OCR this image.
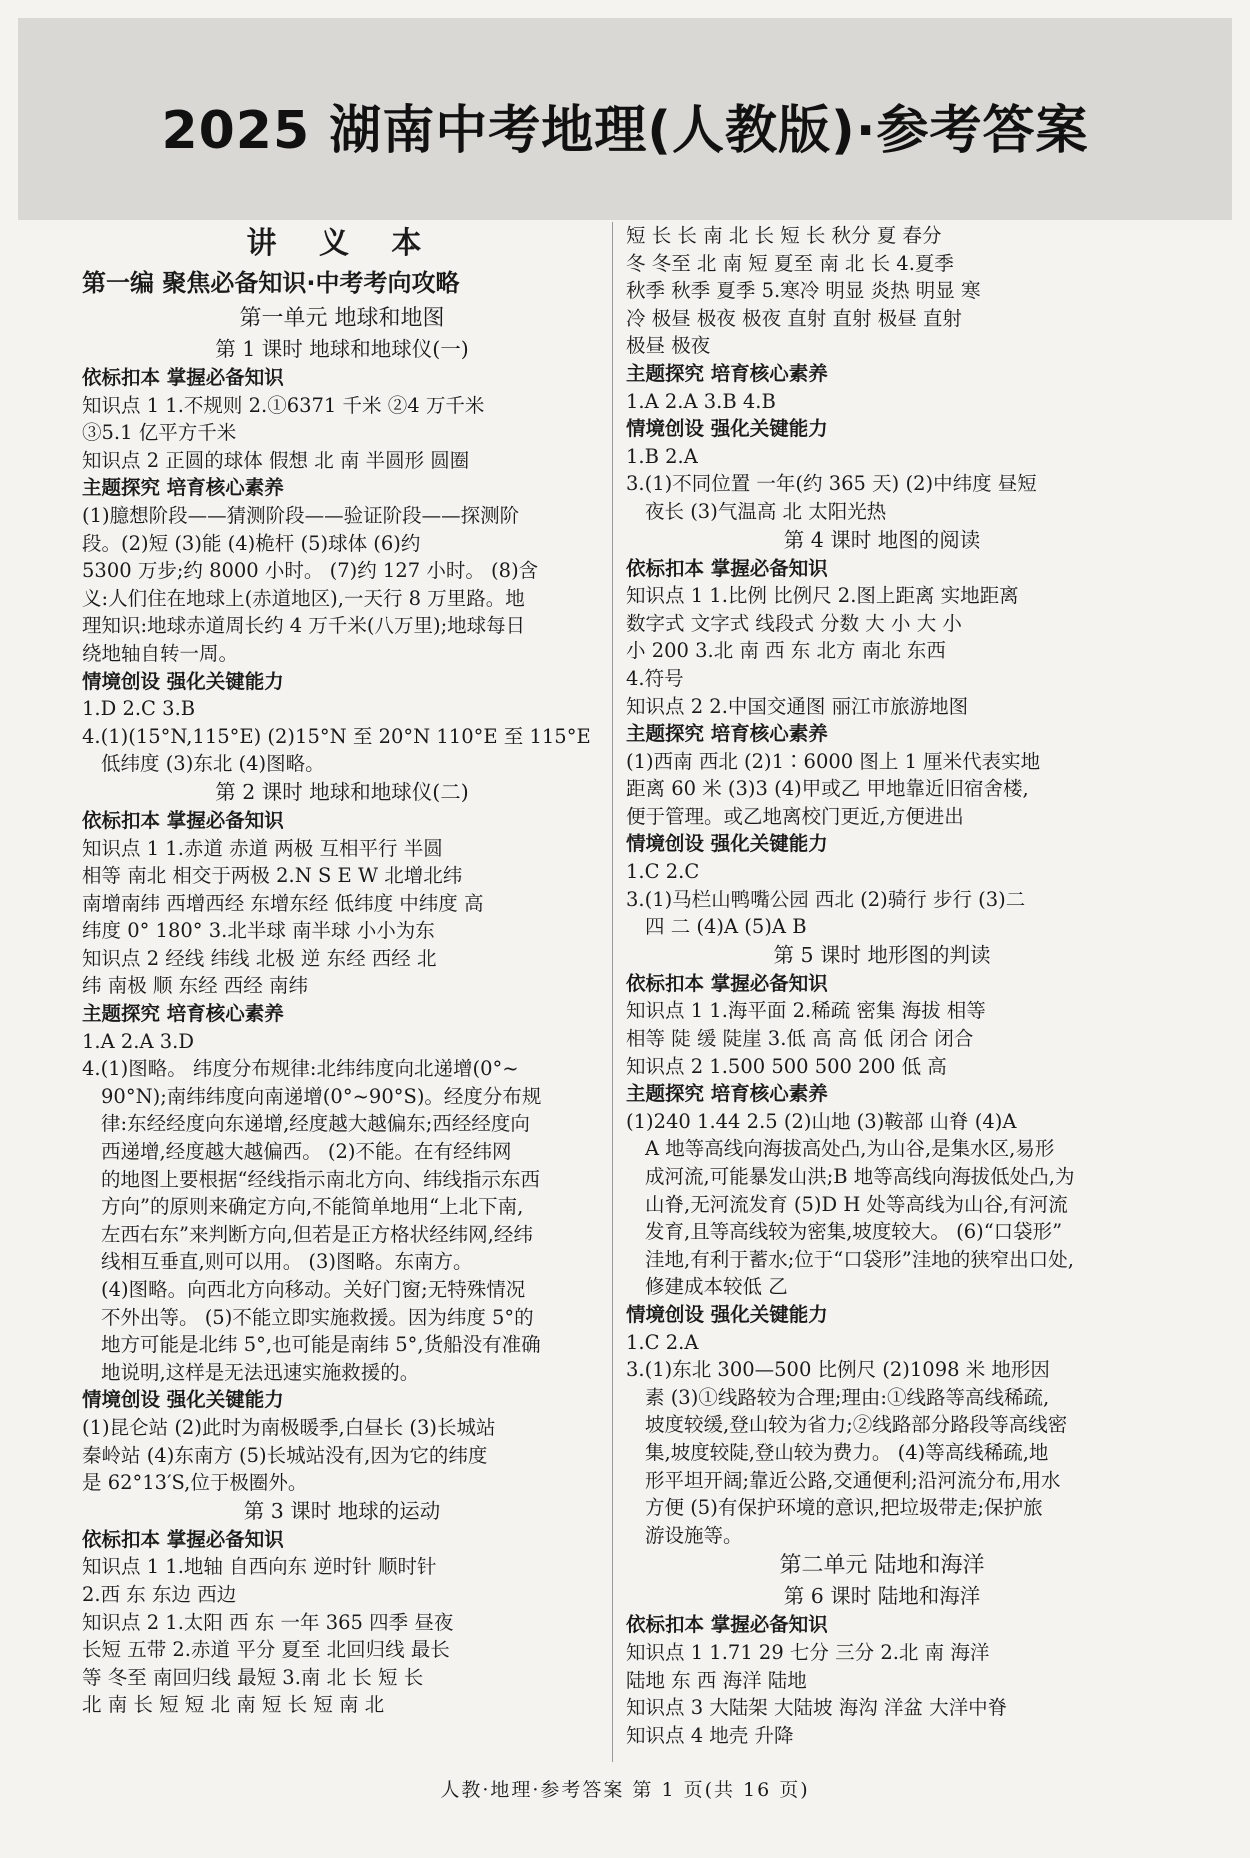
2025 湖南中考地理(人教版)·参考答案
讲 义 本
第一编 聚焦必备知识·中考考向攻略
第一单元 地球和地图
第 1 课时 地球和地球仪(一)
依标扣本 掌握必备知识
知识点 1 1.不规则 2.①6371 千米 ②4 万千米
③5.1 亿平方千米
知识点 2 正圆的球体 假想 北 南 半圆形 圆圈
主题探究 培育核心素养
(1)臆想阶段——猜测阶段——验证阶段——探测阶
段。(2)短 (3)能 (4)桅杆 (5)球体 (6)约
5300 万步;约 8000 小时。 (7)约 127 小时。 (8)含
义:人们住在地球上(赤道地区),一天行 8 万里路。地
理知识:地球赤道周长约 4 万千米(八万里);地球每日
绕地轴自转一周。
情境创设 强化关键能力
1.D 2.C 3.B
4.(1)(15°N,115°E) (2)15°N 至 20°N 110°E 至 115°E
低纬度 (3)东北 (4)图略。
第 2 课时 地球和地球仪(二)
依标扣本 掌握必备知识
知识点 1 1.赤道 赤道 两极 互相平行 半圆
相等 南北 相交于两极 2.N S E W 北增北纬
南增南纬 西增西经 东增东经 低纬度 中纬度 高
纬度 0° 180° 3.北半球 南半球 小小为东
知识点 2 经线 纬线 北极 逆 东经 西经 北
纬 南极 顺 东经 西经 南纬
主题探究 培育核心素养
1.A 2.A 3.D
4.(1)图略。 纬度分布规律:北纬纬度向北递增(0°~
90°N);南纬纬度向南递增(0°~90°S)。经度分布规
律:东经经度向东递增,经度越大越偏东;西经经度向
西递增,经度越大越偏西。 (2)不能。在有经纬网
的地图上要根据“经线指示南北方向、纬线指示东西
方向”的原则来确定方向,不能简单地用“上北下南,
左西右东”来判断方向,但若是正方格状经纬网,经纬
线相互垂直,则可以用。 (3)图略。东南方。
(4)图略。向西北方向移动。关好门窗;无特殊情况
不外出等。 (5)不能立即实施救援。因为纬度 5°的
地方可能是北纬 5°,也可能是南纬 5°,货船没有准确
地说明,这样是无法迅速实施救援的。
情境创设 强化关键能力
(1)昆仑站 (2)此时为南极暖季,白昼长 (3)长城站
秦岭站 (4)东南方 (5)长城站没有,因为它的纬度
是 62°13′S,位于极圈外。
第 3 课时 地球的运动
依标扣本 掌握必备知识
知识点 1 1.地轴 自西向东 逆时针 顺时针
2.西 东 东边 西边
知识点 2 1.太阳 西 东 一年 365 四季 昼夜
长短 五带 2.赤道 平分 夏至 北回归线 最长
等 冬至 南回归线 最短 3.南 北 长 短 长
北 南 长 短 短 北 南 短 长 短 南 北
短 长 长 南 北 长 短 长 秋分 夏 春分
冬 冬至 北 南 短 夏至 南 北 长 4.夏季
秋季 秋季 夏季 5.寒冷 明显 炎热 明显 寒
冷 极昼 极夜 极夜 直射 直射 极昼 直射
极昼 极夜
主题探究 培育核心素养
1.A 2.A 3.B 4.B
情境创设 强化关键能力
1.B 2.A
3.(1)不同位置 一年(约 365 天) (2)中纬度 昼短
夜长 (3)气温高 北 太阳光热
第 4 课时 地图的阅读
依标扣本 掌握必备知识
知识点 1 1.比例 比例尺 2.图上距离 实地距离
数字式 文字式 线段式 分数 大 小 大 小
小 200 3.北 南 西 东 北方 南北 东西
4.符号
知识点 2 2.中国交通图 丽江市旅游地图
主题探究 培育核心素养
(1)西南 西北 (2)1∶6000 图上 1 厘米代表实地
距离 60 米 (3)3 (4)甲或乙 甲地靠近旧宿舍楼,
便于管理。或乙地离校门更近,方便进出
情境创设 强化关键能力
1.C 2.C
3.(1)马栏山鸭嘴公园 西北 (2)骑行 步行 (3)二
四 二 (4)A (5)A B
第 5 课时 地形图的判读
依标扣本 掌握必备知识
知识点 1 1.海平面 2.稀疏 密集 海拔 相等
相等 陡 缓 陡崖 3.低 高 高 低 闭合 闭合
知识点 2 1.500 500 500 200 低 高
主题探究 培育核心素养
(1)240 1.44 2.5 (2)山地 (3)鞍部 山脊 (4)A
A 地等高线向海拔高处凸,为山谷,是集水区,易形
成河流,可能暴发山洪;B 地等高线向海拔低处凸,为
山脊,无河流发育 (5)D H 处等高线为山谷,有河流
发育,且等高线较为密集,坡度较大。 (6)“口袋形”
洼地,有利于蓄水;位于“口袋形”洼地的狭窄出口处,
修建成本较低 乙
情境创设 强化关键能力
1.C 2.A
3.(1)东北 300—500 比例尺 (2)1098 米 地形因
素 (3)①线路较为合理;理由:①线路等高线稀疏,
坡度较缓,登山较为省力;②线路部分路段等高线密
集,坡度较陡,登山较为费力。 (4)等高线稀疏,地
形平坦开阔;靠近公路,交通便利;沿河流分布,用水
方便 (5)有保护环境的意识,把垃圾带走;保护旅
游设施等。
第二单元 陆地和海洋
第 6 课时 陆地和海洋
依标扣本 掌握必备知识
知识点 1 1.71 29 七分 三分 2.北 南 海洋
陆地 东 西 海洋 陆地
知识点 3 大陆架 大陆坡 海沟 洋盆 大洋中脊
知识点 4 地壳 升降
人教·地理·参考答案 第 1 页(共 16 页)
